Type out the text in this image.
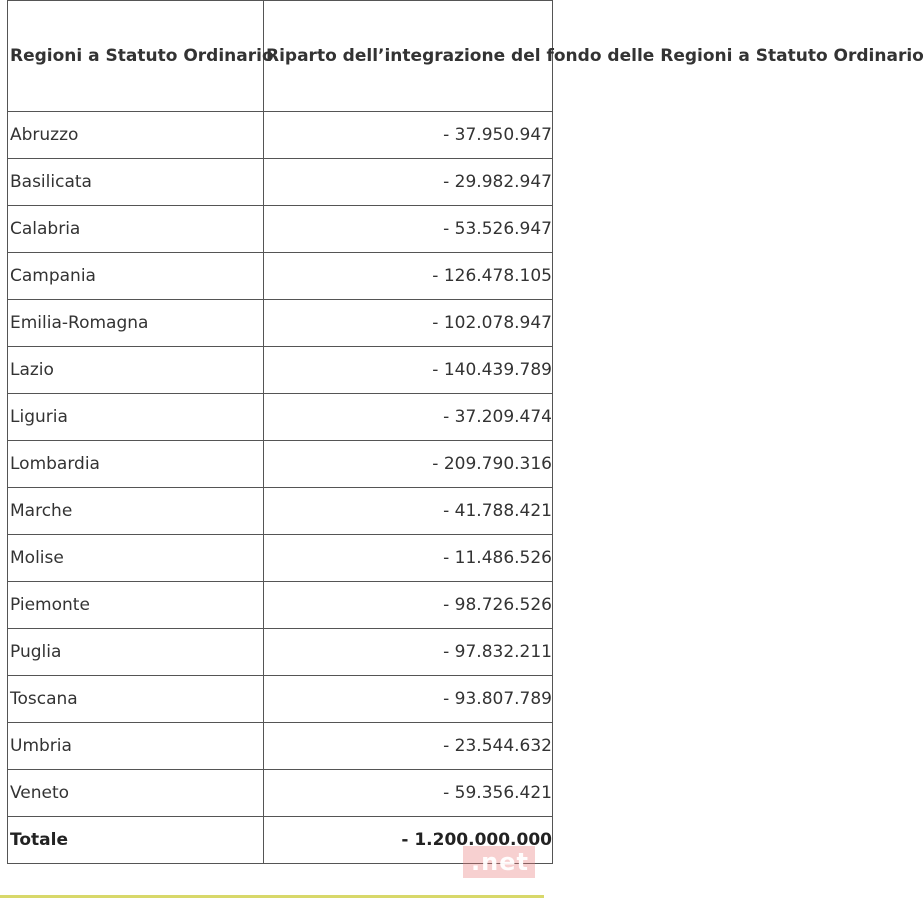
Regioni a Statuto Ordinario	Riparto dell’integrazione del fondo delle Regioni a Statuto Ordinario
Abruzzo	- 37.950.947
Basilicata	- 29.982.947
Calabria	- 53.526.947
Campania	- 126.478.105
Emilia-Romagna	- 102.078.947
Lazio	- 140.439.789
Liguria	- 37.209.474
Lombardia	- 209.790.316
Marche	- 41.788.421
Molise	- 11.486.526
Piemonte	- 98.726.526
Puglia	- 97.832.211
Toscana	- 93.807.789
Umbria	- 23.544.632
Veneto	- 59.356.421
Totale	- 1.200.000.000
.net
